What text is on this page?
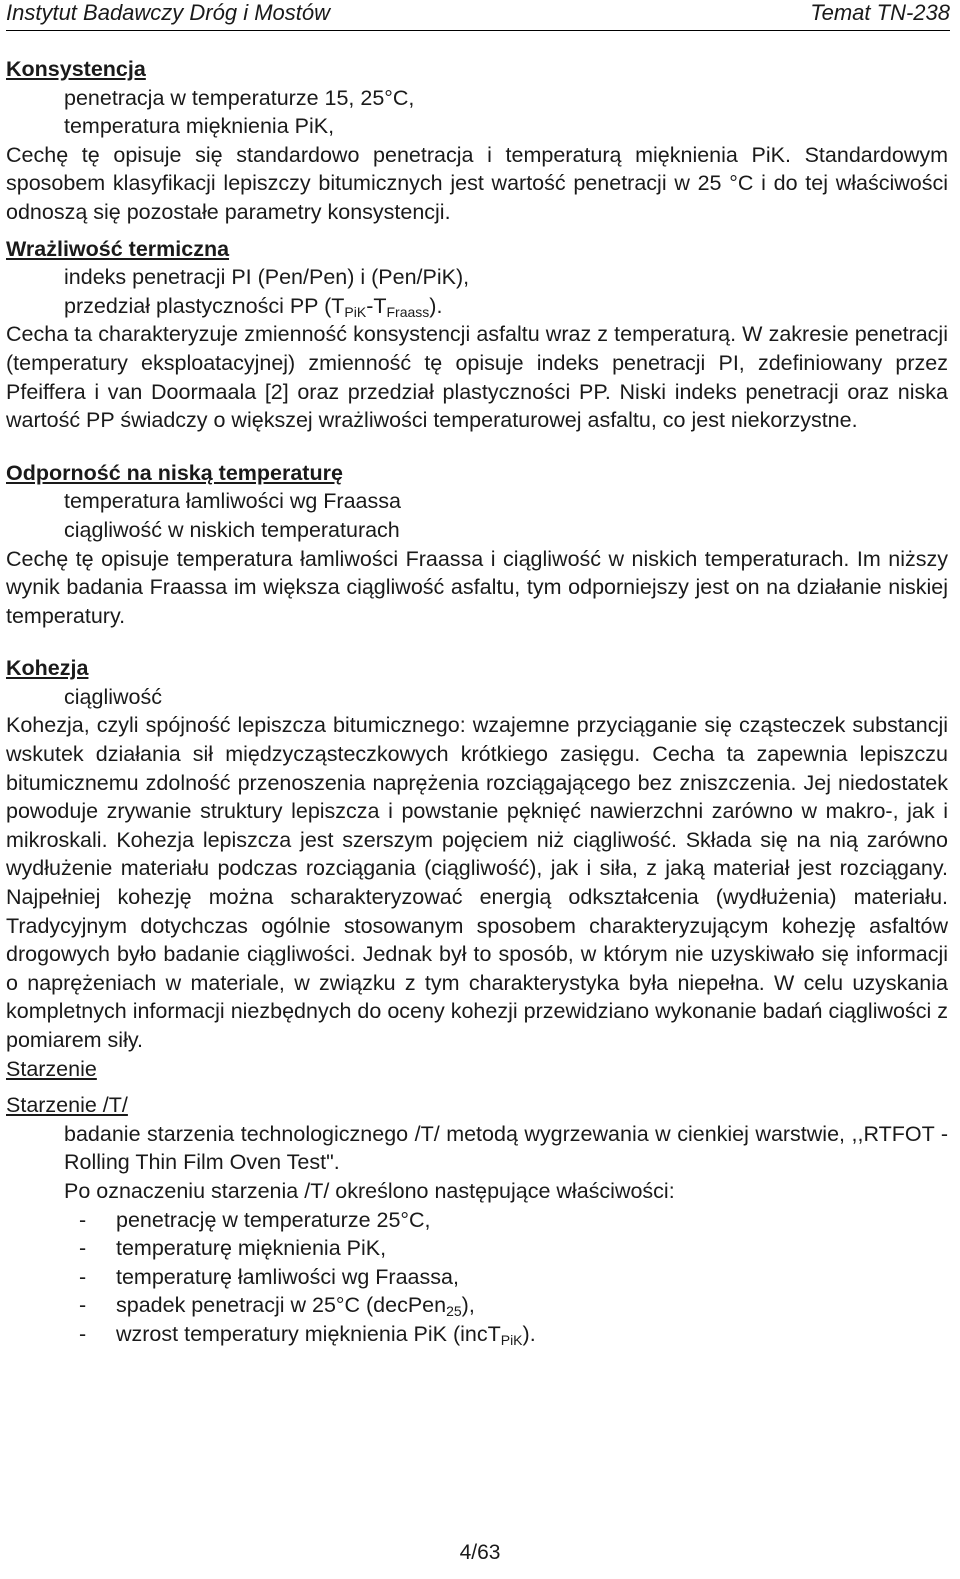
Instytut Badawczy Dróg i Mostów	Temat TN-238
Konsystencja
penetracja w temperaturze 15, 25°C,
temperatura mięknienia PiK,
Cechę tę opisuje się standardowo penetracja i temperaturą mięknienia PiK. Standardowym sposobem klasyfikacji lepiszczy bitumicznych jest wartość penetracji w 25 °C i do tej właściwości odnoszą się pozostałe parametry konsystencji.
Wrażliwość termiczna
indeks penetracji PI (Pen/Pen) i (Pen/PiK),
przedział plastyczności PP $(T_{PiK}-T_{Fraass})$.
Cecha ta charakteryzuje zmienność konsystencji asfaltu wraz z temperaturą. W zakresie penetracji (temperatury eksploatacyjnej) zmienność tę opisuje indeks penetracji PI, zdefiniowany przez Pfeiffera i van Doormaala [2] oraz przedział plastyczności PP. Niski indeks penetracji oraz niska wartość PP świadczy o większej wrażliwości temperaturowej asfaltu, co jest niekorzystne.
Odporność na niską temperaturę
temperatura łamliwości wg Fraassa
ciągliwość w niskich temperaturach
Cechę tę opisuje temperatura łamliwości Fraassa i ciągliwość w niskich temperaturach. Im niższy wynik badania Fraassa im większa ciągliwość asfaltu, tym odporniejszy jest on na działanie niskiej temperatury.
Kohezja
ciągliwość
Kohezja, czyli spójność lepiszcza bitumicznego: wzajemne przyciąganie się cząsteczek substancji wskutek działania sił międzycząsteczkowych krótkiego zasięgu. Cecha ta zapewnia lepiszczu bitumicznemu zdolność przenoszenia naprężenia rozciągającego bez zniszczenia. Jej niedostatek powoduje zrywanie struktury lepiszcza i powstanie pęknięć nawierzchni zarówno w makro-, jak i mikroskali. Kohezja lepiszcza jest szerszym pojęciem niż ciągliwość. Składa się na nią zarówno wydłużenie materiału podczas rozciągania (ciągliwość), jak i siła, z jaką materiał jest rozciągany. Najpełniej kohezję można scharakteryzować energią odkształcenia (wydłużenia) materiału. Tradycyjnym dotychczas ogólnie stosowanym sposobem charakteryzującym kohezję asfaltów drogowych było badanie ciągliwości. Jednak był to sposób, w którym nie uzyskiwało się informacji o naprężeniach w materiale, w związku z tym charakterystyka była niepełna. W celu uzyskania kompletnych informacji niezbędnych do oceny kohezji przewidziano wykonanie badań ciągliwości z pomiarem siły.
Starzenie
Starzenie /T/
badanie starzenia technologicznego /T/ metodą wygrzewania w cienkiej warstwie, ,,RTFOT - Rolling Thin Film Oven Test".
Po oznaczeniu starzenia /T/ określono następujące właściwości:
- penetrację w temperaturze 25°C,
- temperaturę mięknienia PiK,
- temperaturę łamliwości wg Fraassa,
- spadek penetracji w 25°C (decPen$_{25}$),
- wzrost temperatury mięknienia PiK (incT$_{PiK}$).
4/63
